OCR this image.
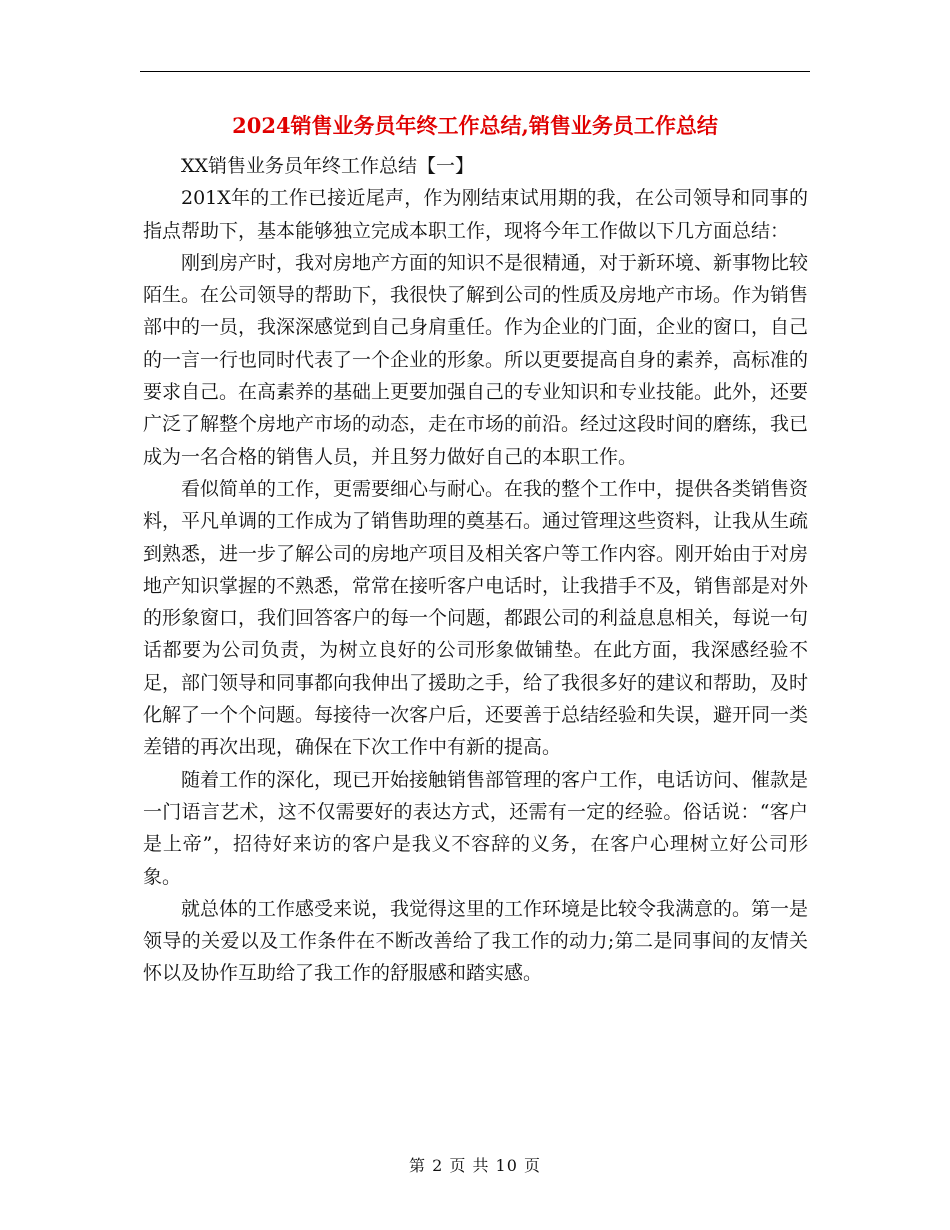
2024销售业务员年终工作总结,销售业务员工作总结

XX销售业务员年终工作总结【一】

201X年的工作已接近尾声，作为刚结束试用期的我，在公司领导和同事的指点帮助下，基本能够独立完成本职工作，现将今年工作做以下几方面总结：

刚到房产时，我对房地产方面的知识不是很精通，对于新环境、新事物比较陌生。在公司领导的帮助下，我很快了解到公司的性质及房地产市场。作为销售部中的一员，我深深感觉到自己身肩重任。作为企业的门面，企业的窗口，自己的一言一行也同时代表了一个企业的形象。所以更要提高自身的素养，高标准的要求自己。在高素养的基础上更要加强自己的专业知识和专业技能。此外，还要广泛了解整个房地产市场的动态，走在市场的前沿。经过这段时间的磨练，我已成为一名合格的销售人员，并且努力做好自己的本职工作。

看似简单的工作，更需要细心与耐心。在我的整个工作中，提供各类销售资料，平凡单调的工作成为了销售助理的奠基石。通过管理这些资料，让我从生疏到熟悉，进一步了解公司的房地产项目及相关客户等工作内容。刚开始由于对房地产知识掌握的不熟悉，常常在接听客户电话时，让我措手不及，销售部是对外的形象窗口，我们回答客户的每一个问题，都跟公司的利益息息相关，每说一句话都要为公司负责，为树立良好的公司形象做铺垫。在此方面，我深感经验不足，部门领导和同事都向我伸出了援助之手，给了我很多好的建议和帮助，及时化解了一个个问题。每接待一次客户后，还要善于总结经验和失误，避开同一类差错的再次出现，确保在下次工作中有新的提高。

随着工作的深化，现已开始接触销售部管理的客户工作，电话访问、催款是一门语言艺术，这不仅需要好的表达方式，还需有一定的经验。俗话说：“客户是上帝”，招待好来访的客户是我义不容辞的义务，在客户心理树立好公司形象。

就总体的工作感受来说，我觉得这里的工作环境是比较令我满意的。第一是领导的关爱以及工作条件在不断改善给了我工作的动力;第二是同事间的友情关怀以及协作互助给了我工作的舒服感和踏实感。

第 2 页 共 10 页
